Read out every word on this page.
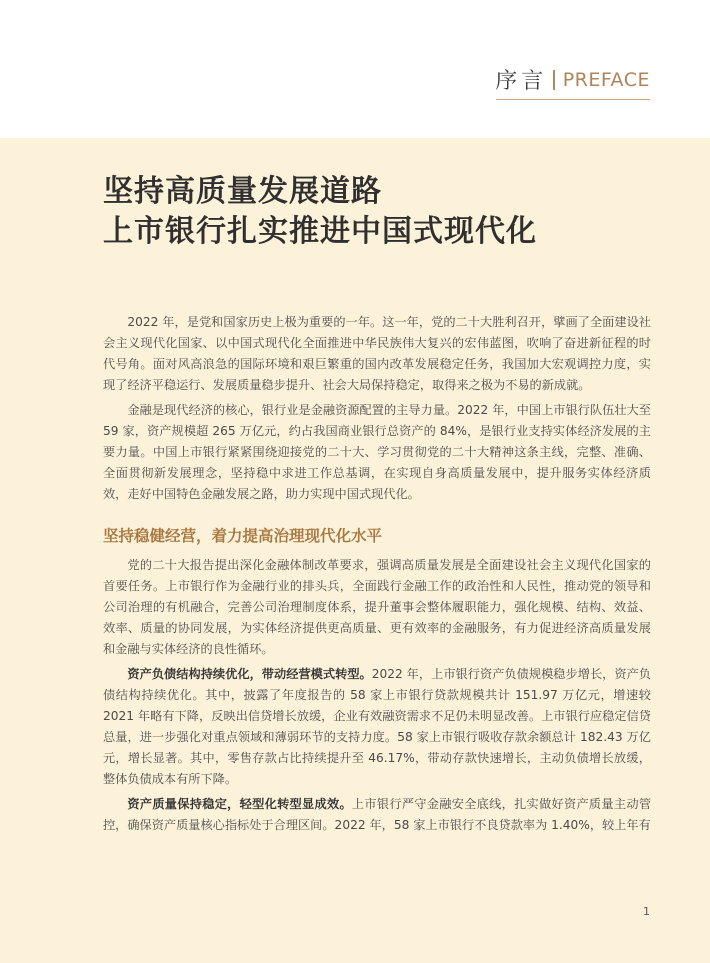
序言 PREFACE
坚持高质量发展道路
上市银行扎实推进中国式现代化

2022 年，是党和国家历史上极为重要的一年。这一年，党的二十大胜利召开，擘画了全面建设社会主义现代化国家、以中国式现代化全面推进中华民族伟大复兴的宏伟蓝图，吹响了奋进新征程的时代号角。面对风高浪急的国际环境和艰巨繁重的国内改革发展稳定任务，我国加大宏观调控力度，实现了经济平稳运行、发展质量稳步提升、社会大局保持稳定，取得来之极为不易的新成就。

金融是现代经济的核心，银行业是金融资源配置的主导力量。2022 年，中国上市银行队伍壮大至 59 家，资产规模超 265 万亿元，约占我国商业银行总资产的 84%，是银行业支持实体经济发展的主要力量。中国上市银行紧紧围绕迎接党的二十大、学习贯彻党的二十大精神这条主线，完整、准确、全面贯彻新发展理念，坚持稳中求进工作总基调，在实现自身高质量发展中，提升服务实体经济质效，走好中国特色金融发展之路，助力实现中国式现代化。

坚持稳健经营，着力提高治理现代化水平

党的二十大报告提出深化金融体制改革要求，强调高质量发展是全面建设社会主义现代化国家的首要任务。上市银行作为金融行业的排头兵，全面践行金融工作的政治性和人民性，推动党的领导和公司治理的有机融合，完善公司治理制度体系，提升董事会整体履职能力，强化规模、结构、效益、效率、质量的协同发展，为实体经济提供更高质量、更有效率的金融服务，有力促进经济高质量发展和金融与实体经济的良性循环。

资产负债结构持续优化，带动经营模式转型。2022 年，上市银行资产负债规模稳步增长，资产负债结构持续优化。其中，披露了年度报告的 58 家上市银行贷款规模共计 151.97 万亿元，增速较 2021 年略有下降，反映出信贷增长放缓，企业有效融资需求不足仍未明显改善。上市银行应稳定信贷总量，进一步强化对重点领域和薄弱环节的支持力度。58 家上市银行吸收存款余额总计 182.43 万亿元，增长显著。其中，零售存款占比持续提升至 46.17%，带动存款快速增长，主动负债增长放缓，整体负债成本有所下降。

资产质量保持稳定，轻型化转型显成效。上市银行严守金融安全底线，扎实做好资产质量主动管控，确保资产质量核心指标处于合理区间。2022 年，58 家上市银行不良贷款率为 1.40%，较上年有

1
